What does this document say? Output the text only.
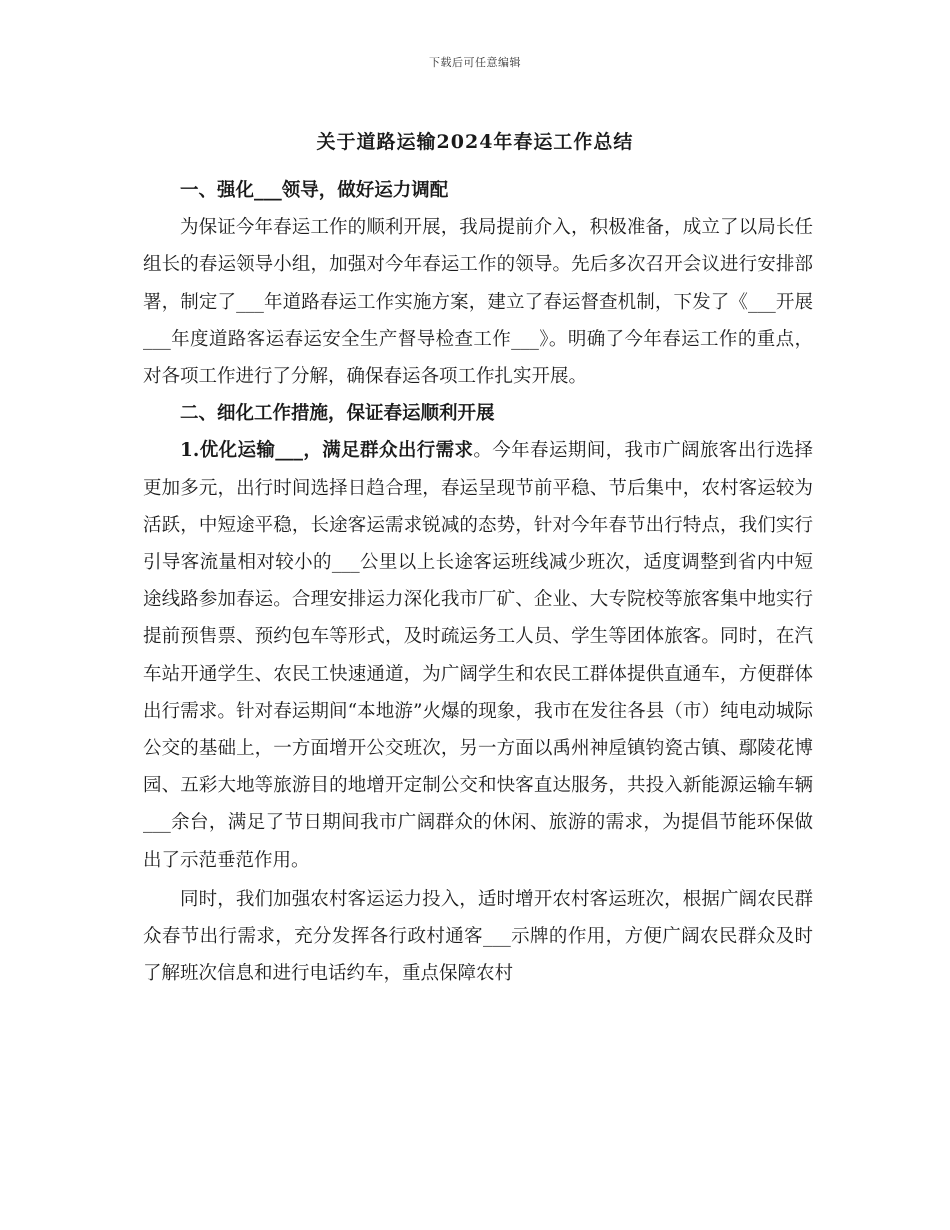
下载后可任意编辑
关于道路运输2024年春运工作总结

一、强化___领导，做好运力调配

为保证今年春运工作的顺利开展，我局提前介入，积极准备，成立了以局长任组长的春运领导小组，加强对今年春运工作的领导。先后多次召开会议进行安排部署，制定了___年道路春运工作实施方案，建立了春运督查机制，下发了《___开展___年度道路客运春运安全生产督导检查工作___》。明确了今年春运工作的重点，对各项工作进行了分解，确保春运各项工作扎实开展。

二、细化工作措施，保证春运顺利开展

1.优化运输___，满足群众出行需求。今年春运期间，我市广阔旅客出行选择更加多元，出行时间选择日趋合理，春运呈现节前平稳、节后集中，农村客运较为活跃，中短途平稳，长途客运需求锐减的态势，针对今年春节出行特点，我们实行引导客流量相对较小的___公里以上长途客运班线减少班次，适度调整到省内中短途线路参加春运。合理安排运力深化我市厂矿、企业、大专院校等旅客集中地实行提前预售票、预约包车等形式，及时疏运务工人员、学生等团体旅客。同时，在汽车站开通学生、农民工快速通道，为广阔学生和农民工群体提供直通车，方便群体出行需求。针对春运期间“本地游”火爆的现象，我市在发往各县（市）纯电动城际公交的基础上，一方面增开公交班次，另一方面以禹州神垕镇钧瓷古镇、鄢陵花博园、五彩大地等旅游目的地增开定制公交和快客直达服务，共投入新能源运输车辆___余台，满足了节日期间我市广阔群众的休闲、旅游的需求，为提倡节能环保做出了示范垂范作用。

同时，我们加强农村客运运力投入，适时增开农村客运班次，根据广阔农民群众春节出行需求，充分发挥各行政村通客___示牌的作用，方便广阔农民群众及时了解班次信息和进行电话约车，重点保障农村
